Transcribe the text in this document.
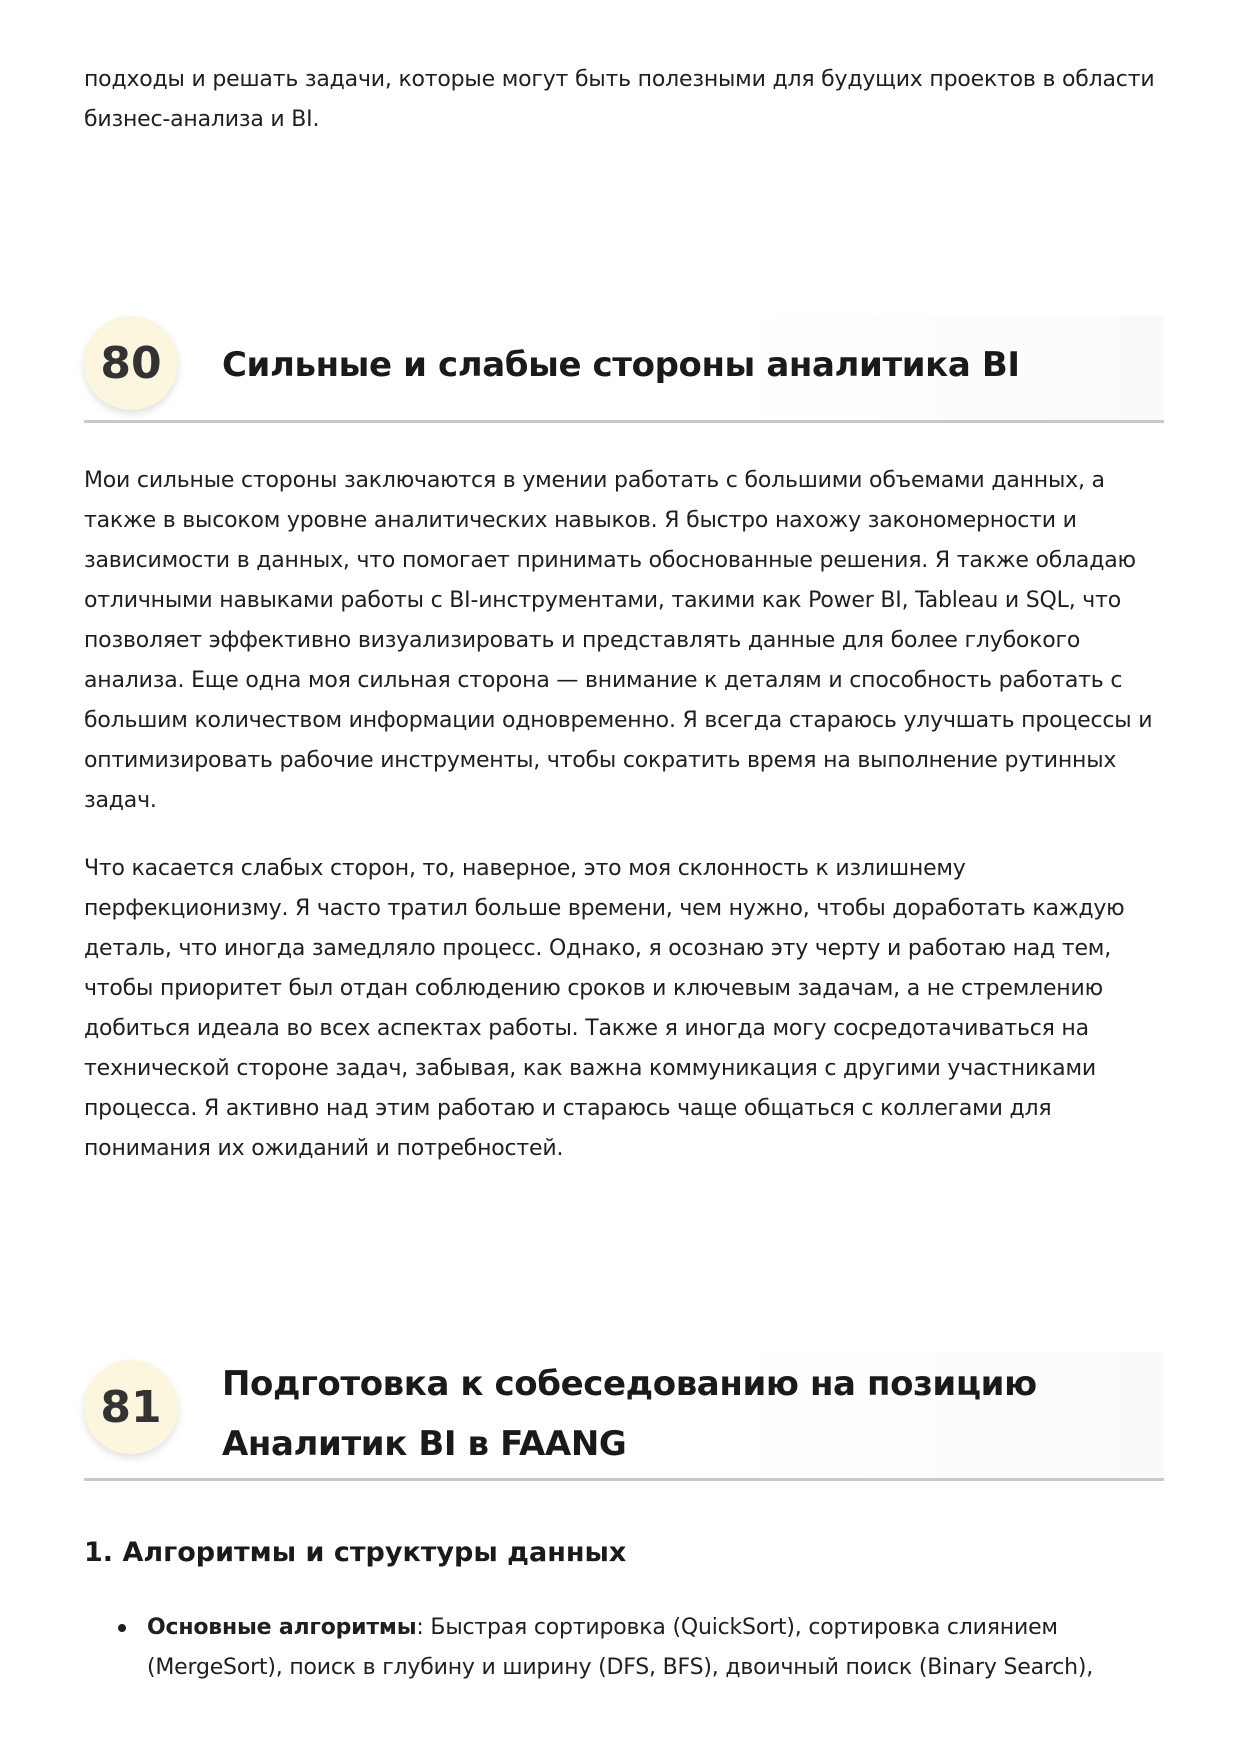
подходы и решать задачи, которые могут быть полезными для будущих проектов в области бизнес-анализа и BI.

80	Сильные и слабые стороны аналитика BI

Мои сильные стороны заключаются в умении работать с большими объемами данных, а также в высоком уровне аналитических навыков. Я быстро нахожу закономерности и зависимости в данных, что помогает принимать обоснованные решения. Я также обладаю отличными навыками работы с BI-инструментами, такими как Power BI, Tableau и SQL, что позволяет эффективно визуализировать и представлять данные для более глубокого анализа. Еще одна моя сильная сторона — внимание к деталям и способность работать с большим количеством информации одновременно. Я всегда стараюсь улучшать процессы и оптимизировать рабочие инструменты, чтобы сократить время на выполнение рутинных задач.

Что касается слабых сторон, то, наверное, это моя склонность к излишнему перфекционизму. Я часто тратил больше времени, чем нужно, чтобы доработать каждую деталь, что иногда замедляло процесс. Однако, я осознаю эту черту и работаю над тем, чтобы приоритет был отдан соблюдению сроков и ключевым задачам, а не стремлению добиться идеала во всех аспектах работы. Также я иногда могу сосредотачиваться на технической стороне задач, забывая, как важна коммуникация с другими участниками процесса. Я активно над этим работаю и стараюсь чаще общаться с коллегами для понимания их ожиданий и потребностей.

81	Подготовка к собеседованию на позицию
Аналитик BI в FAANG
1. Алгоритмы и структуры данных
Основные алгоритмы: Быстрая сортировка (QuickSort), сортировка слиянием (MergeSort), поиск в глубину и ширину (DFS, BFS), двоичный поиск (Binary Search),
